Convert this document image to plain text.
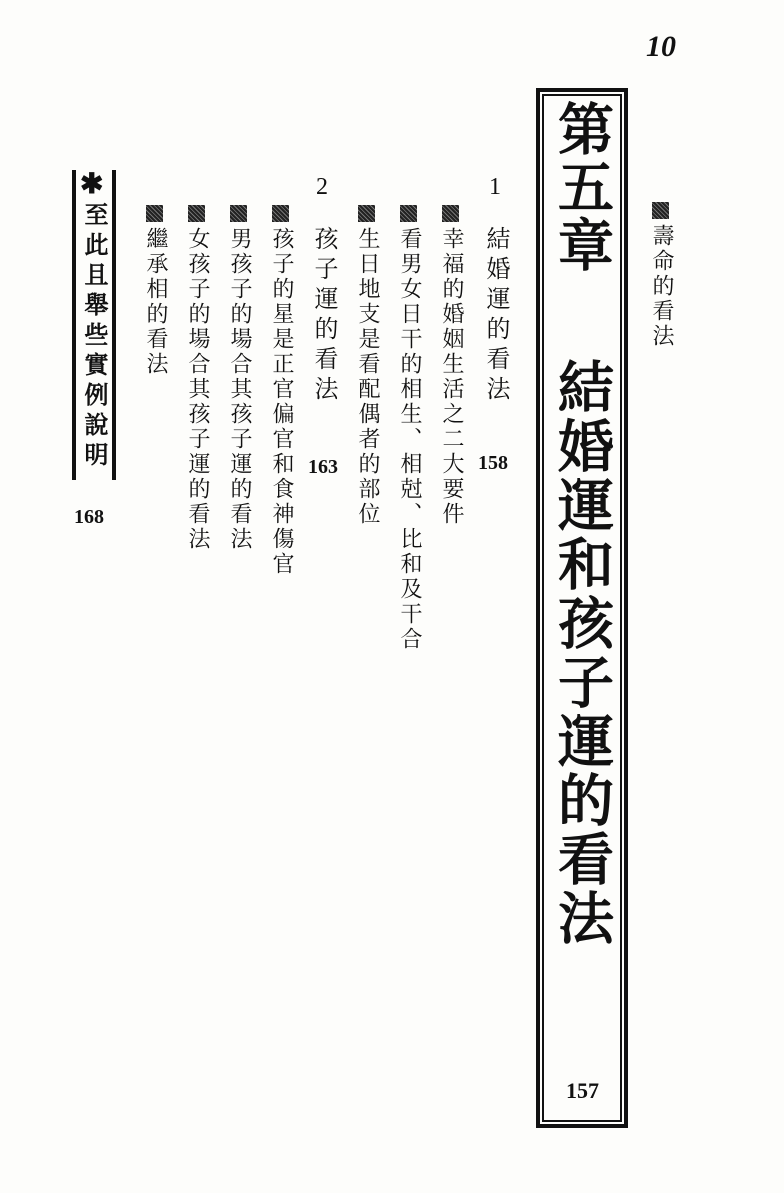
10

壽命的看法

第五章

結婚運和孩子運的看法

157
1

結婚運的看法

158

幸福的婚姻生活之二大要件

看男女日干的相生、相尅、比和及干合

生日地支是看配偶者的部位

2

孩子運的看法

163

孩子的星是正官偏官和食神傷官

男孩子的場合其孩子運的看法

女孩子的場合其孩子運的看法

繼承相的看法

✱

至此且舉些實例說明

168
